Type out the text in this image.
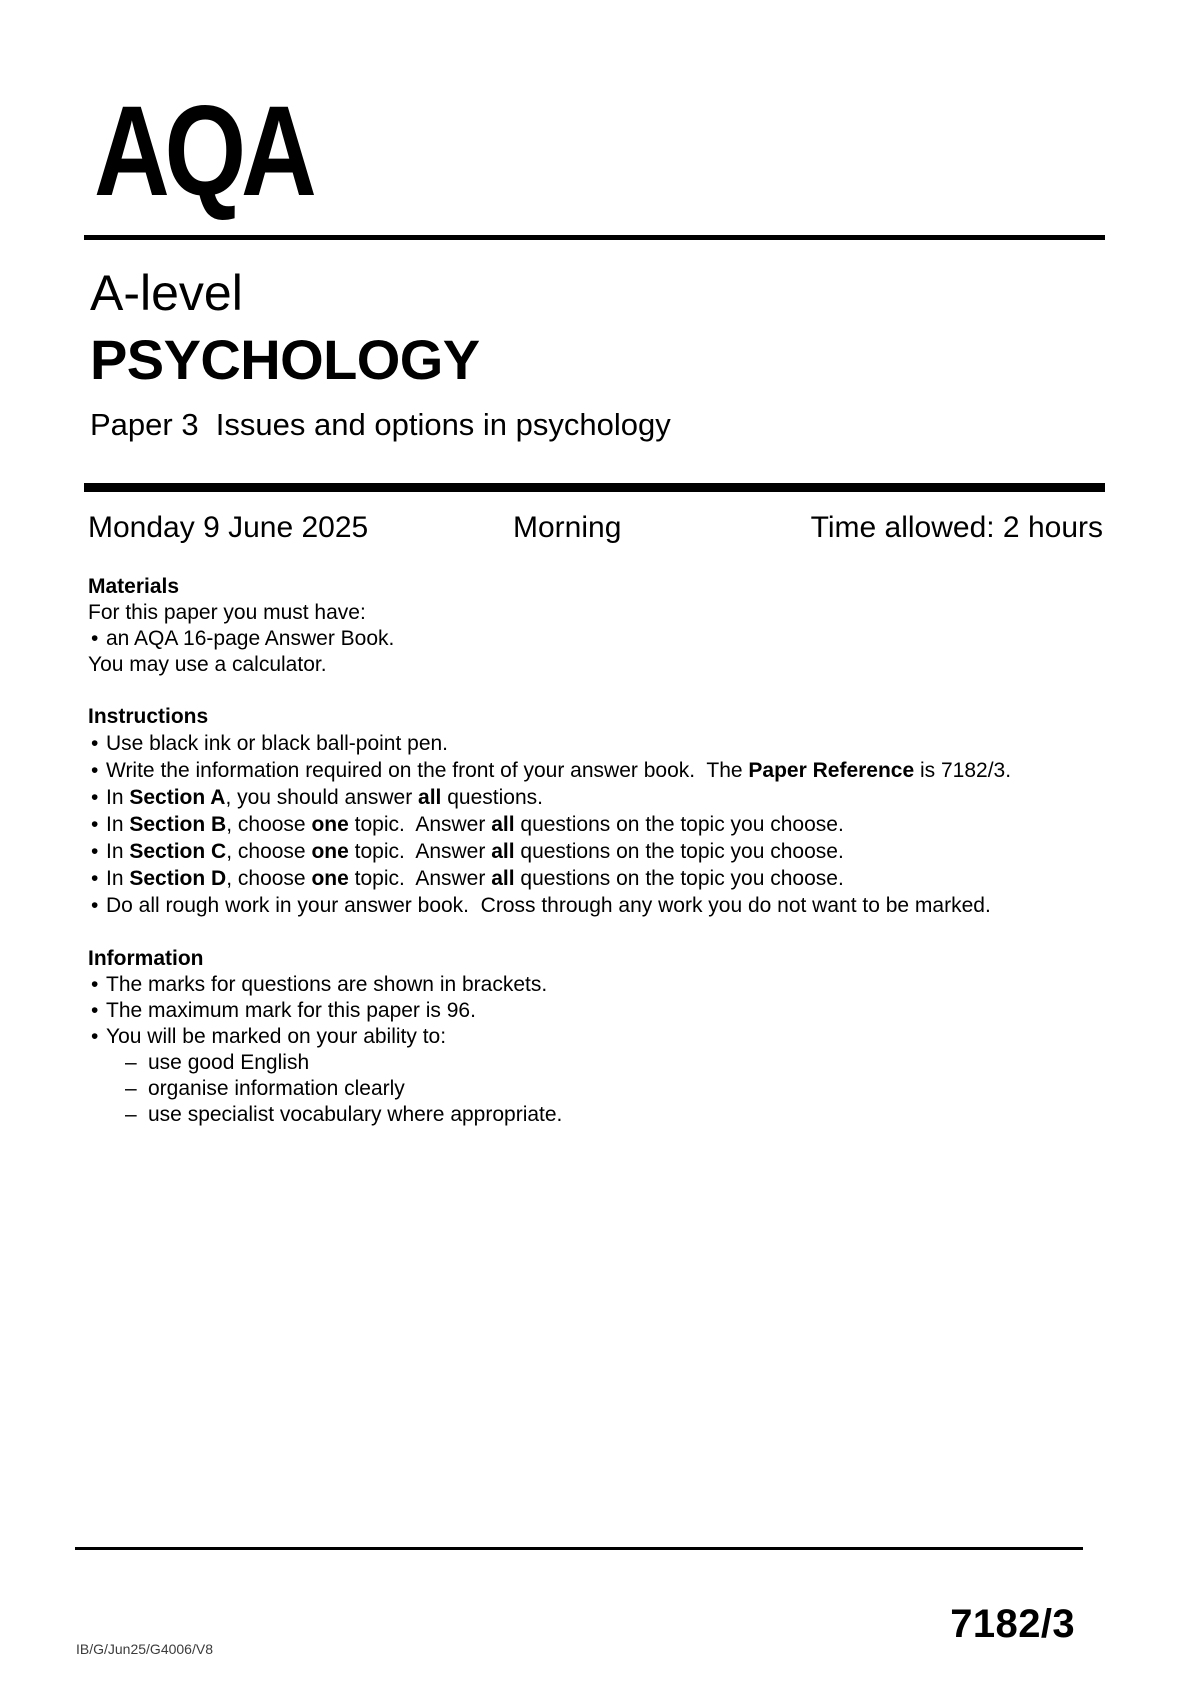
AQA
A-level
PSYCHOLOGY
Paper 3  Issues and options in psychology
Monday 9 June 2025	Morning	Time allowed: 2 hours
Materials

For this paper you must have:

• an AQA 16-page Answer Book.

You may use a calculator.

Instructions
• Use black ink or black ball-point pen.
• Write the information required on the front of your answer book.  The Paper Reference is 7182/3.
• In Section A, you should answer all questions.
• In Section B, choose one topic.  Answer all questions on the topic you choose.
• In Section C, choose one topic.  Answer all questions on the topic you choose.
• In Section D, choose one topic.  Answer all questions on the topic you choose.
• Do all rough work in your answer book.  Cross through any work you do not want to be marked.
Information
• The marks for questions are shown in brackets.
• The maximum mark for this paper is 96.
• You will be marked on your ability to:
– use good English
– organise information clearly
– use specialist vocabulary where appropriate.
7182/3
IB/G/Jun25/G4006/V8
